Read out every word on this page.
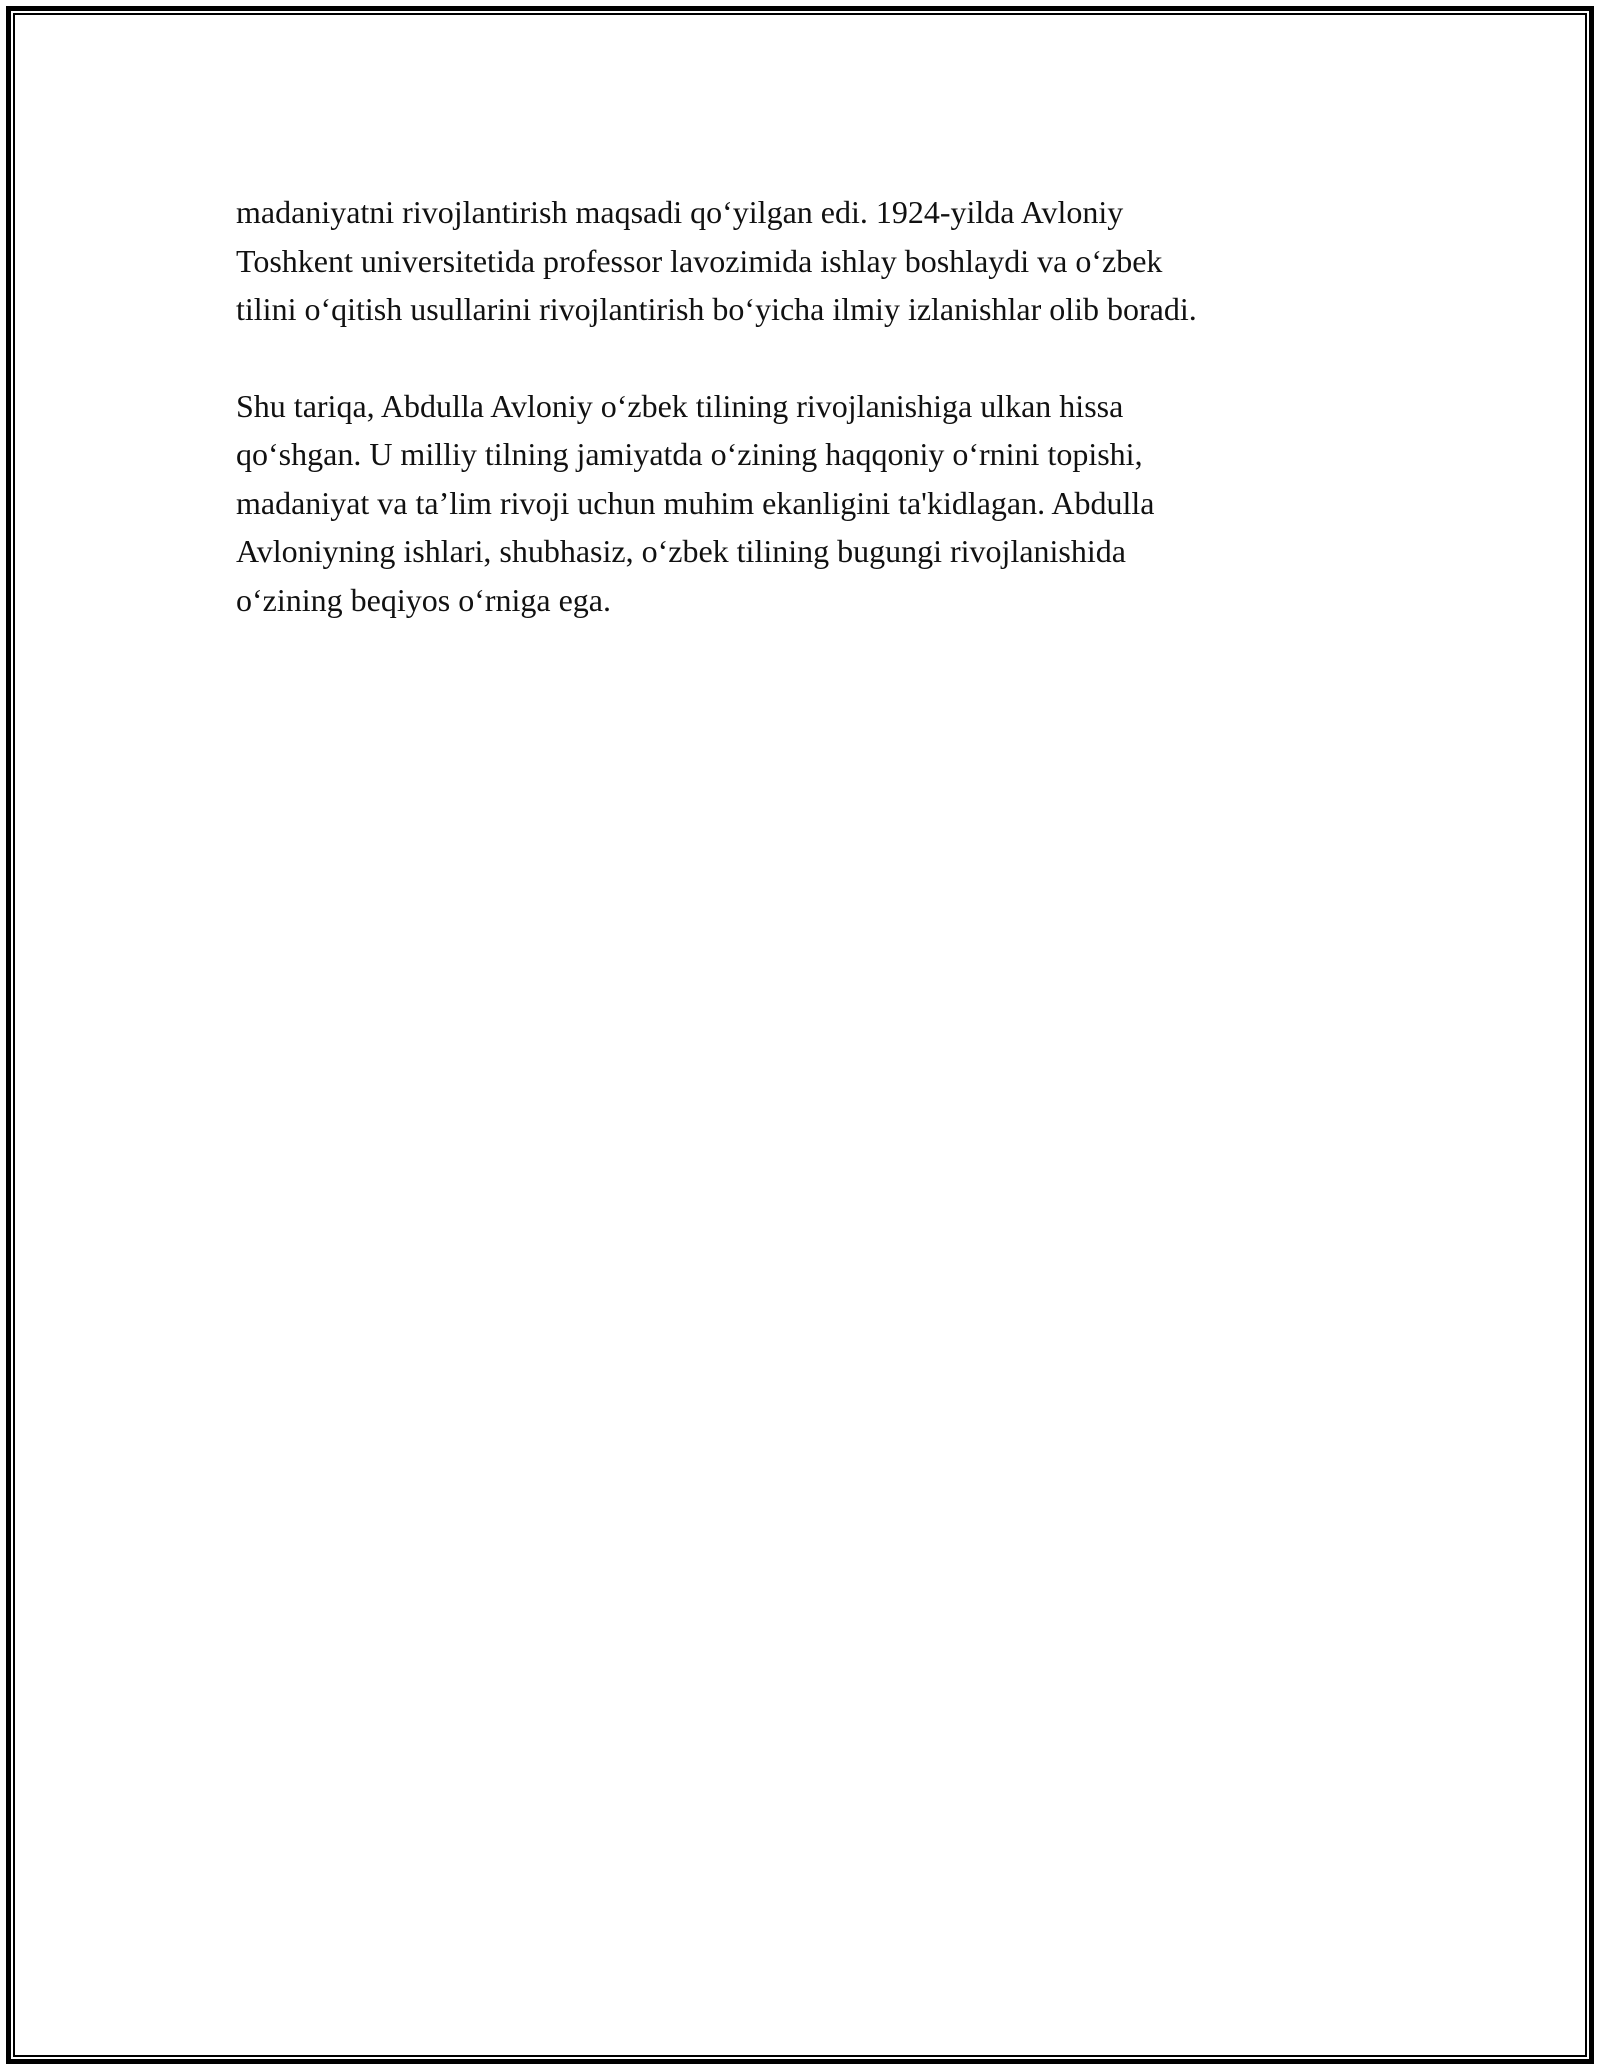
madaniyatni rivojlantirish maqsadi qo‘yilgan edi. 1924-yilda Avloniy
Toshkent universitetida professor lavozimida ishlay boshlaydi va o‘zbek
tilini o‘qitish usullarini rivojlantirish bo‘yicha ilmiy izlanishlar olib boradi.

Shu tariqa, Abdulla Avloniy o‘zbek tilining rivojlanishiga ulkan hissa
qo‘shgan. U milliy tilning jamiyatda o‘zining haqqoniy o‘rnini topishi,
madaniyat va ta’lim rivoji uchun muhim ekanligini ta'kidlagan. Abdulla
Avloniyning ishlari, shubhasiz, o‘zbek tilining bugungi rivojlanishida
o‘zining beqiyos o‘rniga ega.
